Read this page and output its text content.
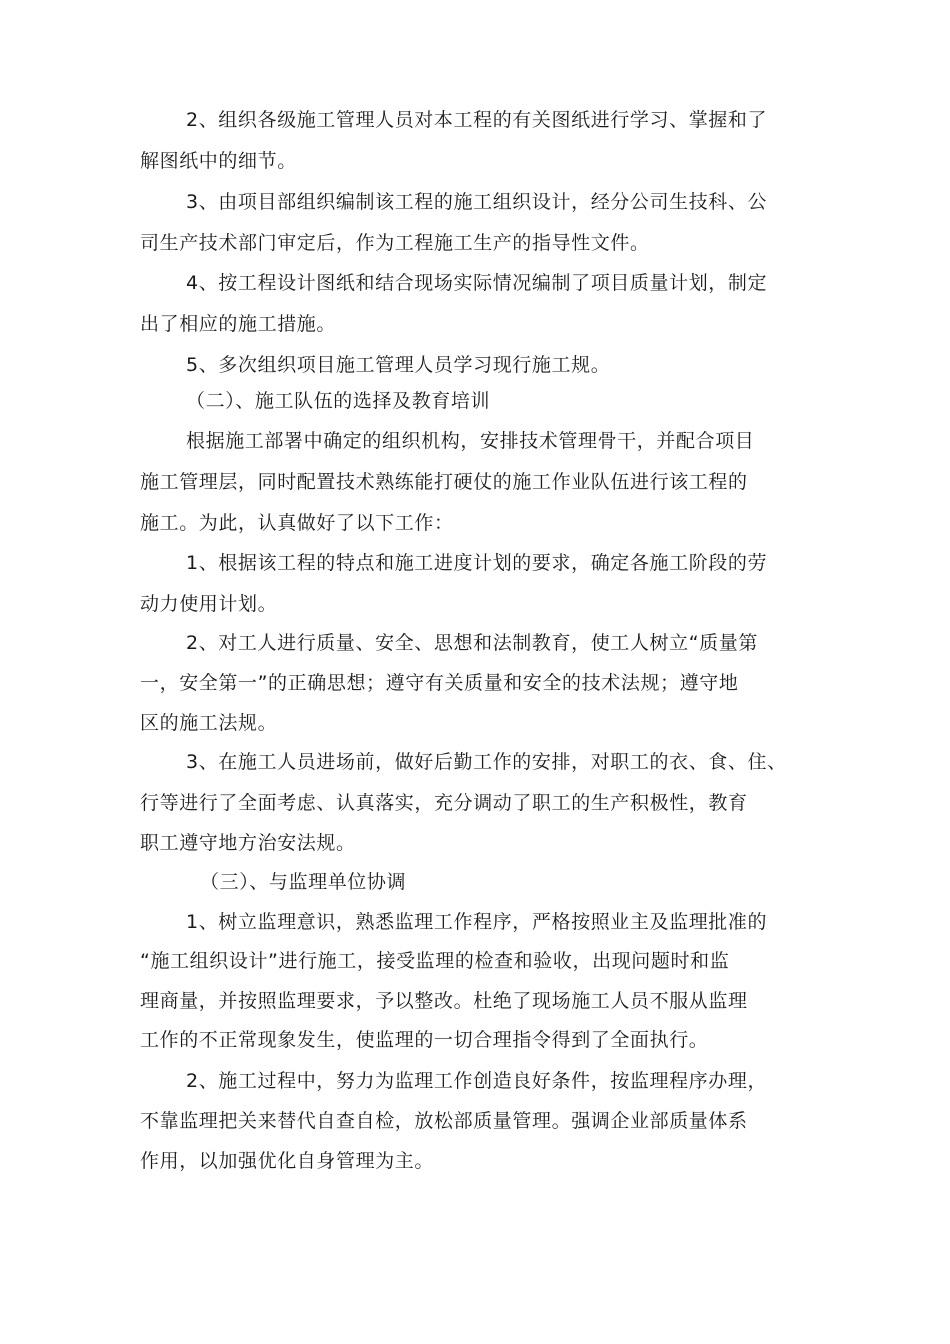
2、组织各级施工管理人员对本工程的有关图纸进行学习、掌握和了
解图纸中的细节。
3、由项目部组织编制该工程的施工组织设计，经分公司生技科、公
司生产技术部门审定后，作为工程施工生产的指导性文件。
4、按工程设计图纸和结合现场实际情况编制了项目质量计划，制定
出了相应的施工措施。
5、多次组织项目施工管理人员学习现行施工规。
（二）、施工队伍的选择及教育培训
根据施工部署中确定的组织机构，安排技术管理骨干，并配合项目
施工管理层，同时配置技术熟练能打硬仗的施工作业队伍进行该工程的
施工。为此，认真做好了以下工作：
1、根据该工程的特点和施工进度计划的要求，确定各施工阶段的劳
动力使用计划。
2、对工人进行质量、安全、思想和法制教育，使工人树立“质量第
一，安全第一”的正确思想；遵守有关质量和安全的技术法规；遵守地
区的施工法规。
3、在施工人员进场前，做好后勤工作的安排，对职工的衣、食、住、
行等进行了全面考虑、认真落实，充分调动了职工的生产积极性，教育
职工遵守地方治安法规。
（三）、与监理单位协调
1、树立监理意识，熟悉监理工作程序，严格按照业主及监理批准的
“施工组织设计”进行施工，接受监理的检查和验收，出现问题时和监
理商量，并按照监理要求，予以整改。杜绝了现场施工人员不服从监理
工作的不正常现象发生，使监理的一切合理指令得到了全面执行。
2、施工过程中，努力为监理工作创造良好条件，按监理程序办理，
不靠监理把关来替代自查自检，放松部质量管理。强调企业部质量体系
作用，以加强优化自身管理为主。
